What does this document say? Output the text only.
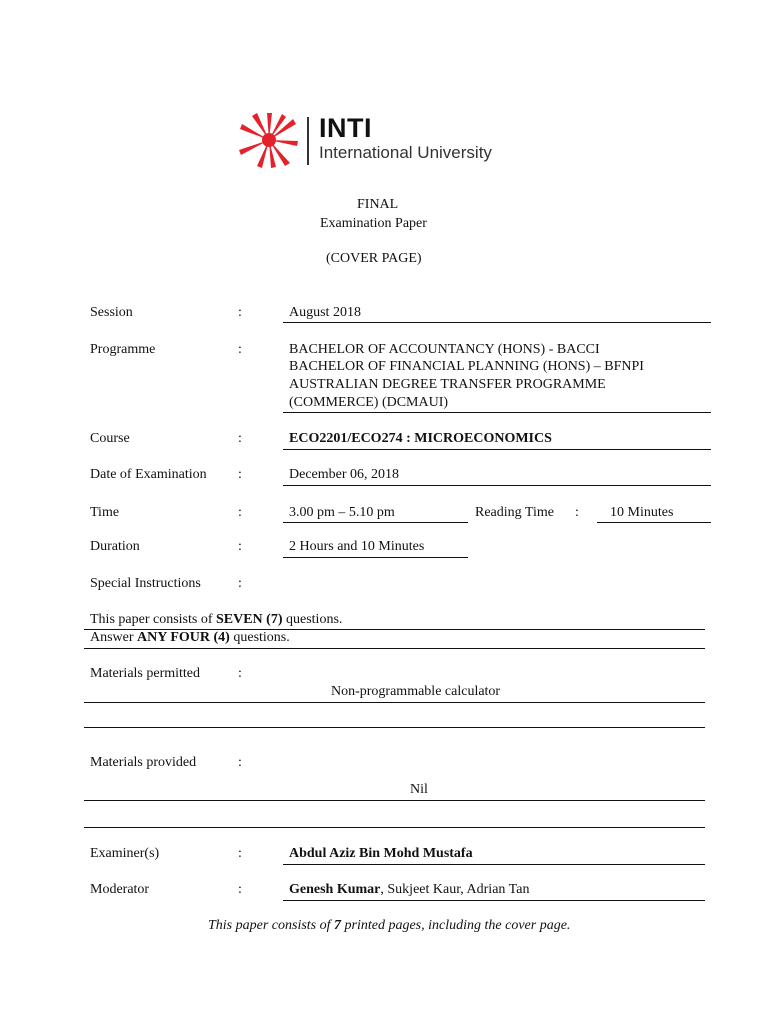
INTI
International University
FINAL
Examination Paper
(COVER PAGE)
Session	:	August 2018
Programme	:	BACHELOR OF ACCOUNTANCY (HONS) - BACCI
BACHELOR OF FINANCIAL PLANNING (HONS) – BFNPI
AUSTRALIAN DEGREE TRANSFER PROGRAMME
(COMMERCE) (DCMAUI)
Course	:	ECO2201/ECO274 : MICROECONOMICS
Date of Examination :	December 06, 2018
Time	:	3.00 pm – 5.10 pm	Reading Time : 10 Minutes
Duration	:	2 Hours and 10 Minutes
Special Instructions	:
This paper consists of SEVEN (7) questions.
Answer ANY FOUR (4) questions.
Materials permitted	:
Non-programmable calculator
Materials provided	:
Nil
Examiner(s)	:	Abdul Aziz Bin Mohd Mustafa
Moderator	:	Genesh Kumar, Sukjeet Kaur, Adrian Tan
This paper consists of 7 printed pages, including the cover page.
